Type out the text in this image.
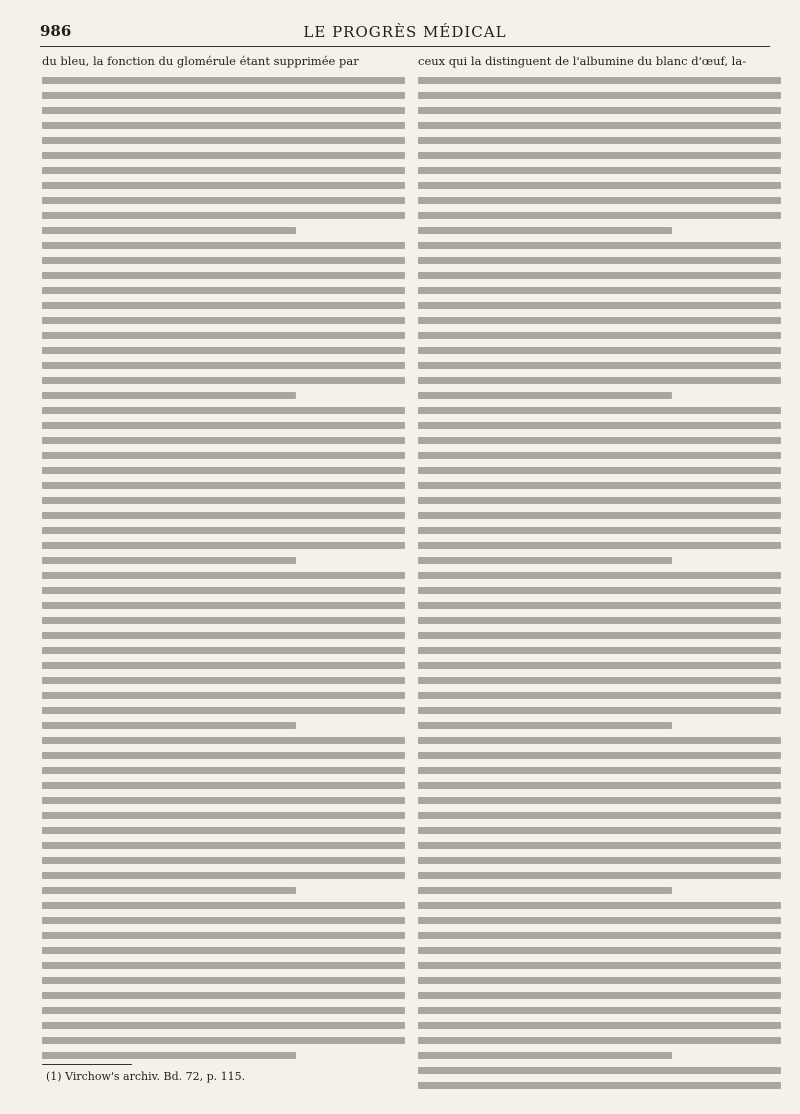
986	LE PROGRÈS MÉDICAL
du bleu, la fonction du glomérule étant supprimée par	ceux qui la distinguent de l'albumine du blanc d'œuf, la-
(1) Virchow's archiv. Bd. 72, p. 115.
